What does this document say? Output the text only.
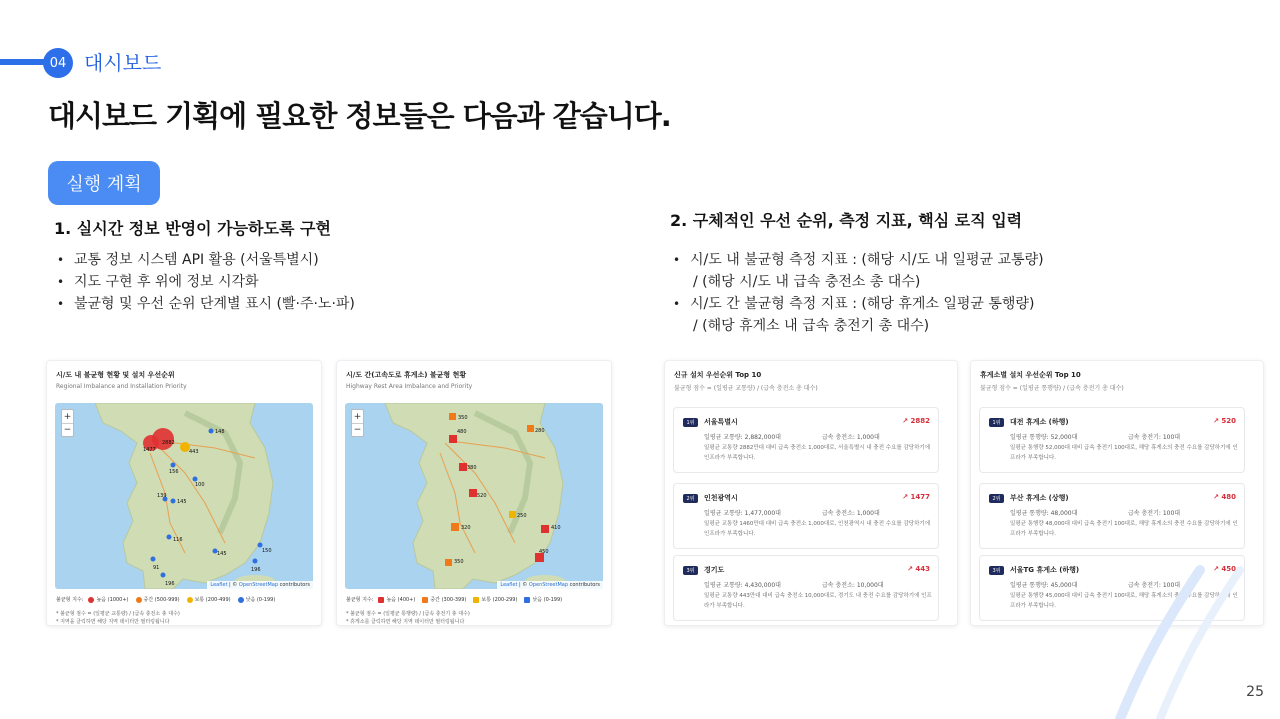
04 대시보드
대시보드 기획에 필요한 정보들은 다음과 같습니다.
실행 계획
1. 실시간 정보 반영이 가능하도록 구현
• 교통 정보 시스템 API 활용 (서울특별시)
• 지도 구현 후 위에 정보 시각화
• 불균형 및 우선 순위 단계별 표시 (빨·주·노·파)
2. 구체적인 우선 순위, 측정 지표, 핵심 로직 입력
• 시/도 내 불균형 측정 지표 : (해당 시/도 내 일평균 교통량)
/ (해당 시/도 내 급속 충전소 총 대수)
• 시/도 간 불균형 측정 지표 : (해당 휴게소 일평균 통행량)
/ (해당 휴게소 내 급속 충전기 총 대수)
시/도 내 불균형 현황 및 설치 우선순위
Regional Imbalance and Installation Priority
+
−
2882
1477	443
148
156
100
139
145
116
145	150
196
91
196	Leaflet | © OpenStreetMap contributors
불균형 지수:	높음 (1000+)	중간 (500-999)	보통 (200-499)	낮음 (0-199)
* 불균형 점수 = (일평균 교통량) / (급속 충전소 총 대수)
* 지역을 클릭하면 해당 지역 데이터만 필터링됩니다
시/도 간(고속도로 휴게소) 불균형 현황
Highway Rest Area Imbalance and Priority
+
−
350
280
480
380
520
250
320	410
450
350
Leaflet | © OpenStreetMap contributors
불균형 지수:	높음 (400+)	중간 (300-399)	보통 (200-299)	낮음 (0-199)
* 불균형 점수 = (일평균 통행량) / (급속 충전기 총 대수)
* 휴게소를 클릭하면 해당 지역 데이터만 필터링됩니다
신규 설치 우선순위 Top 10
불균형 점수 = (일평균 교통량) / (급속 충전소 총 대수)
1위	서울특별시	↗ 2882
일평균 교통량: 2,882,000대	급속 충전소: 1,000대
일평균 교통량 2882만대 대비 급속 충전소 1,000대로, 서울특별시 내 충전 수요를 감당하기에 인프라가 부족합니다.
2위	인천광역시	↗ 1477
일평균 교통량: 1,477,000대	급속 충전소: 1,000대
일평균 교통량 1460만대 대비 급속 충전소 1,000대로, 인천광역시 내 충전 수요를 감당하기에 인프라가 부족합니다.
3위	경기도	↗ 443
일평균 교통량: 4,430,000대	급속 충전소: 10,000대
일평균 교통량 443만대 대비 급속 충전소 10,000대로, 경기도 내 충전 수요를 감당하기에 인프라가 부족합니다.
휴게소별 설치 우선순위 Top 10
불균형 점수 = (일평균 통행량) / (급속 충전기 총 대수)
1위	대전 휴게소 (하행)	↗ 520
일평균 통행량: 52,000대	급속 충전기: 100대
일평균 통행량 52,000대 대비 급속 충전기 100대로, 해당 휴게소의 충전 수요를 감당하기에 인프라가 부족합니다.
2위	부산 휴게소 (상행)	↗ 480
일평균 통행량: 48,000대	급속 충전기: 100대
일평균 통행량 48,000대 대비 급속 충전기 100대로, 해당 휴게소의 충전 수요를 감당하기에 인프라가 부족합니다.
3위	서울TG 휴게소 (하행)	↗ 450
일평균 통행량: 45,000대	급속 충전기: 100대
일평균 통행량 45,000대 대비 급속 충전기 100대로, 해당 휴게소의 충전 수요를 감당하기에 인프라가 부족합니다.
25
